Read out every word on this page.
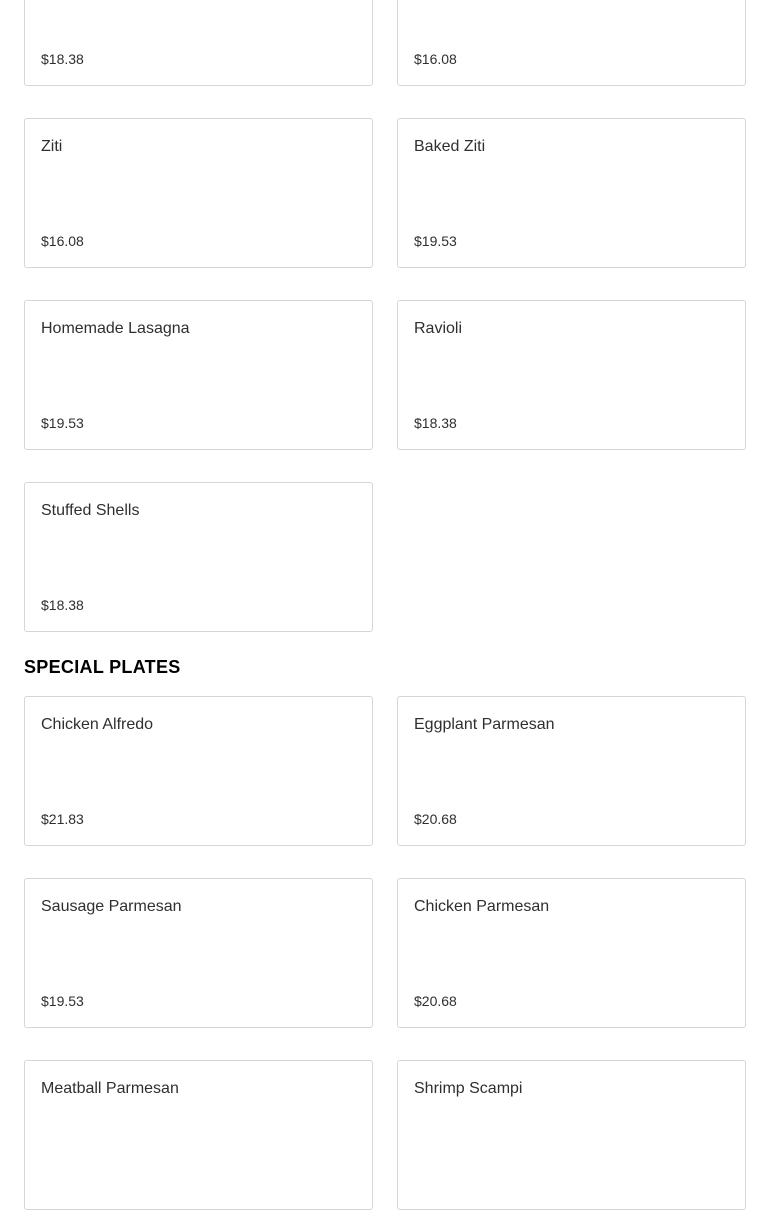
$18.38	$16.08
Ziti
$16.08
Baked Ziti
$19.53
Homemade Lasagna
$19.53
Ravioli
$18.38
Stuffed Shells
$18.38
SPECIAL PLATES
Chicken Alfredo
$21.83
Eggplant Parmesan
$20.68
Sausage Parmesan
$19.53
Chicken Parmesan
$20.68
Meatball Parmesan	Shrimp Scampi
